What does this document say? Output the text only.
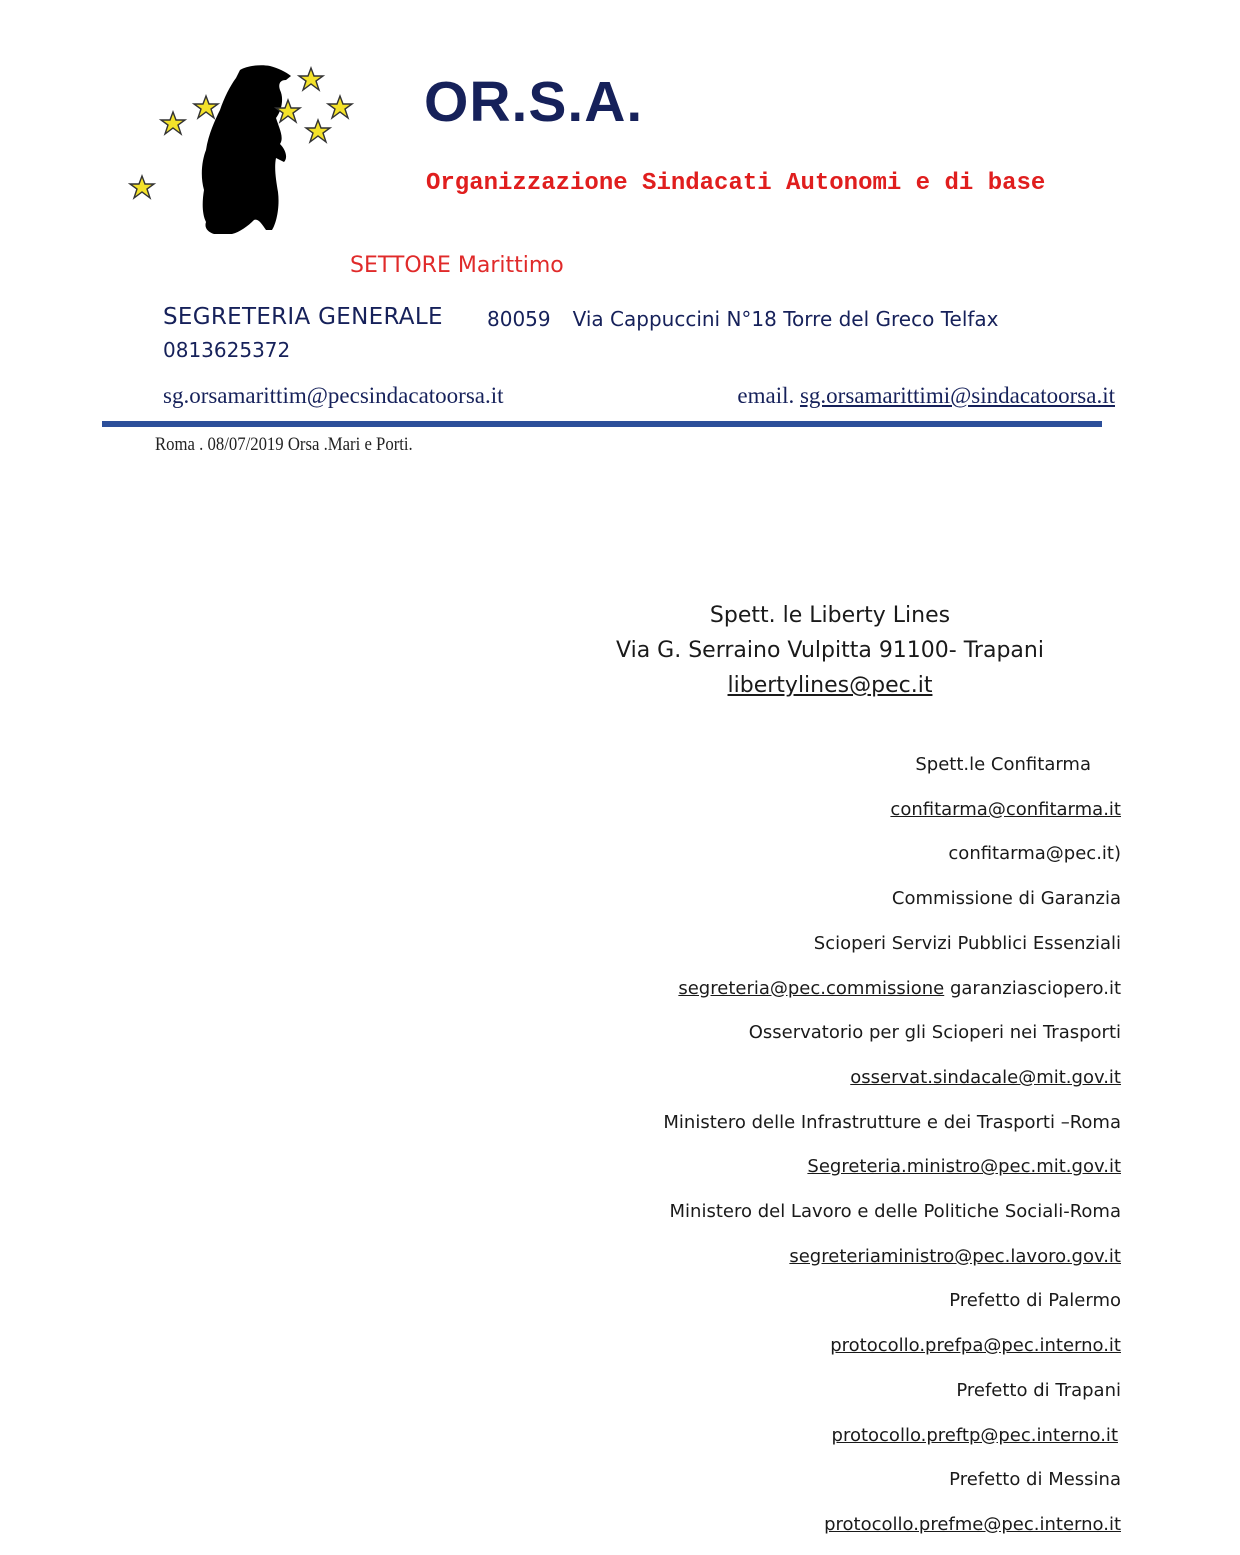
OR.S.A.
Organizzazione Sindacati Autonomi e di base
SETTORE Marittimo
SEGRETERIA GENERALE 80059 Via Cappuccini N°18 Torre del Greco Telfax
0813625372
sg.orsamarittim@pecsindacatoorsa.it	email. sg.orsamarittimi@sindacatoorsa.it
Roma . 08/07/2019 Orsa .Mari e Porti.
Spett. le Liberty Lines
Via G. Serraino Vulpitta 91100- Trapani
libertylines@pec.it
Spett.le Confitarma
confitarma@confitarma.it
confitarma@pec.it)
Commissione di Garanzia
Scioperi Servizi Pubblici Essenziali
segreteria@pec.commissione garanziasciopero.it
Osservatorio per gli Scioperi nei Trasporti
osservat.sindacale@mit.gov.it
Ministero delle Infrastrutture e dei Trasporti –Roma
Segreteria.ministro@pec.mit.gov.it
Ministero del Lavoro e delle Politiche Sociali-Roma
segreteriaministro@pec.lavoro.gov.it
Prefetto di Palermo
protocollo.prefpa@pec.interno.it
Prefetto di Trapani
protocollo.preftp@pec.interno.it
Prefetto di Messina
protocollo.prefme@pec.interno.it
